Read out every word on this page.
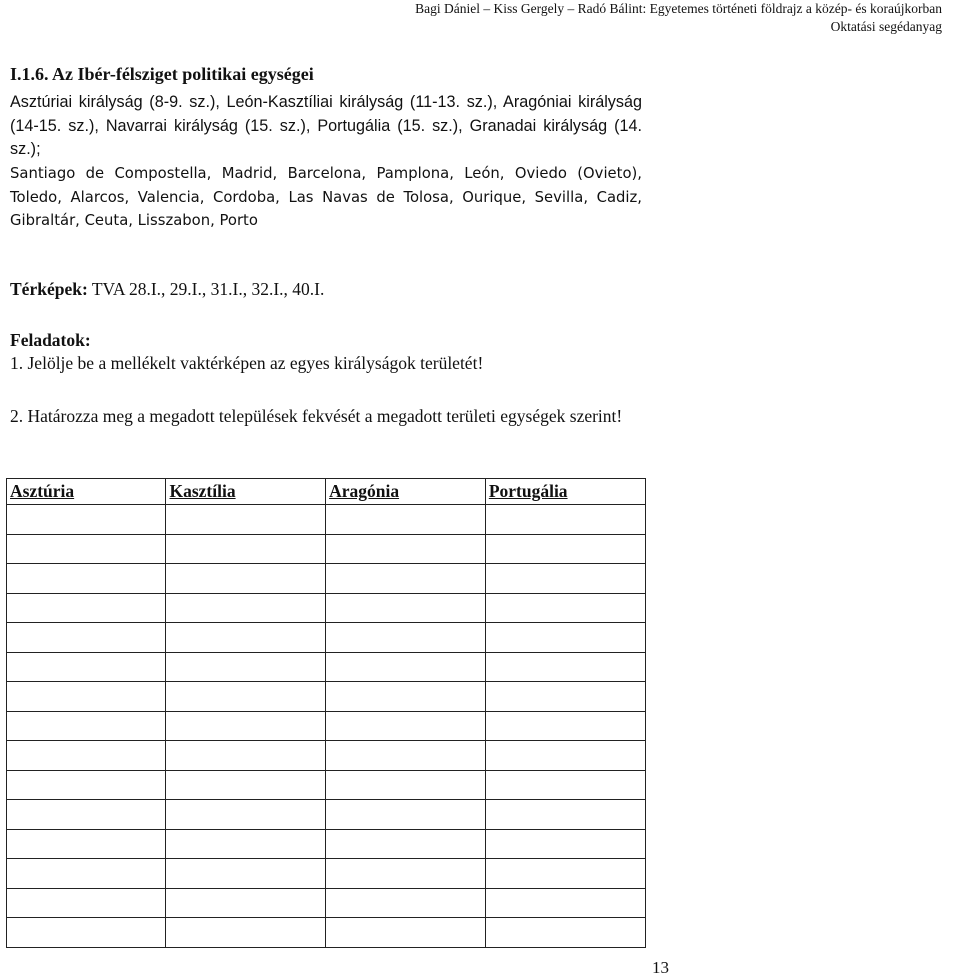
Bagi Dániel – Kiss Gergely – Radó Bálint: Egyetemes történeti földrajz a közép- és koraújkorban
Oktatási segédanyag
I.1.6. Az Ibér-félsziget politikai egységei
Asztúriai királyság (8-9. sz.), León-Kasztíliai királyság (11-13. sz.), Aragóniai királyság (14-15. sz.), Navarrai királyság (15. sz.), Portugália (15. sz.), Granadai királyság (14. sz.);
Santiago de Compostella, Madrid, Barcelona, Pamplona, León, Oviedo (Ovieto), Toledo, Alarcos, Valencia, Cordoba, Las Navas de Tolosa, Ourique, Sevilla, Cadiz, Gibraltár, Ceuta, Lisszabon, Porto
Térképek: TVA 28.I., 29.I., 31.I., 32.I., 40.I.
Feladatok:
1. Jelölje be a mellékelt vaktérképen az egyes királyságok területét!
2. Határozza meg a megadott települések fekvését a megadott területi egységek szerint!
Asztúria	Kasztília	Aragónia	Portugália

13
